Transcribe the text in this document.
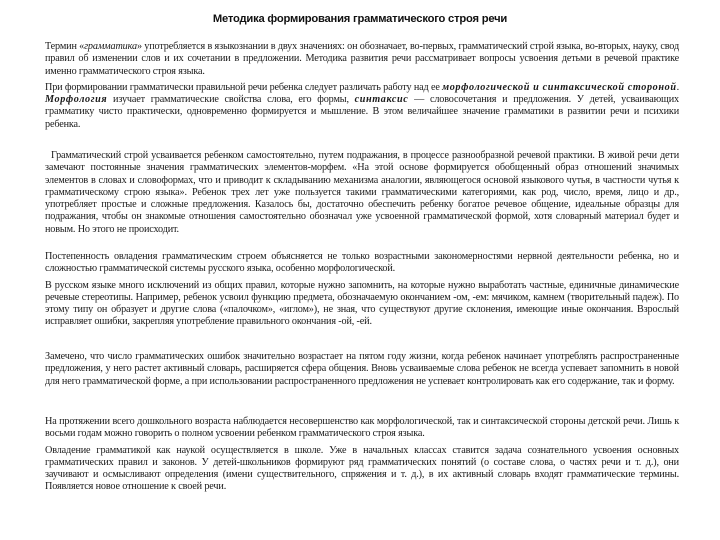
Методика формирования грамматического строя речи

Термин «грамматика» употребляется в языкознании в двух значениях: он обозначает, во-первых, грамматический строй языка, во-вторых, науку, свод правил об изменении слов и их сочетании в предложении. Методика развития речи рассматривает вопросы усвоения детьми в речевой практике именно грамматического строя языка.

При формировании грамматически правильной речи ребенка следует различать работу над ее морфологической и синтаксической стороной. Морфология изучает грамматические свойства слова, его формы, синтаксис — словосочетания и предложения. У детей, усваивающих грамматику чисто практически, одновременно формируется и мышление. В этом величайшее значение грамматики в развитии речи и психики ребенка.

Грамматический строй усваивается ребенком самостоятельно, путем подражания, в процессе разнообразной речевой практики. В живой речи дети замечают постоянные значения грамматических элементов-морфем. «На этой основе формируется обобщенный образ отношений значимых элементов в словах и словоформах, что и приводит к складыванию механизма аналогии, являющегося основой языкового чутья, в частности чутья к грамматическому строю языка». Ребенок трех лет уже пользуется такими грамматическими категориями, как род, число, время, лицо и др., употребляет простые и сложные предложения. Казалось бы, достаточно обеспечить ребенку богатое речевое общение, идеальные образцы для подражания, чтобы он знакомые отношения самостоятельно обозначал уже усвоенной грамматической формой, хотя словарный материал будет и новым. Но этого не происходит.

Постепенность овладения грамматическим строем объясняется не только возрастными закономерностями нервной деятельности ребенка, но и сложностью грамматической системы русского языка, особенно морфологической.

В русском языке много исключений из общих правил, которые нужно запомнить, на которые нужно выработать частные, единичные динамические речевые стереотипы. Например, ребенок усвоил функцию предмета, обозначаемую окончанием -ом, -ем: мячиком, камнем (творительный падеж). По этому типу он образует и другие слова («палочком», «иглом»), не зная, что существуют другие склонения, имеющие иные окончания. Взрослый исправляет ошибки, закрепляя употребление правильного окончания -ой, -ей.

Замечено, что число грамматических ошибок значительно возрастает на пятом году жизни, когда ребенок начинает употреблять распространенные предложения, у него растет активный словарь, расширяется сфера общения. Вновь усваиваемые слова ребенок не всегда успевает запомнить в новой для него грамматической форме, а при использовании распространенного предложения не успевает контролировать как его содержание, так и форму.

На протяжении всего дошкольного возраста наблюдается несовершенство как морфологической, так и синтаксической стороны детской речи. Лишь к восьми годам можно говорить о полном усвоении ребенком грамматического строя языка.

Овладение грамматикой как наукой осуществляется в школе. Уже в начальных классах ставится задача сознательного усвоения основных грамматических правил и законов. У детей-школьников формируют ряд грамматических понятий (о составе слова, о частях речи и т. д.), они заучивают и осмысливают определения (имени существительного, спряжения и т. д.), в их активный словарь входят грамматические термины. Появляется новое отношение к своей речи.
